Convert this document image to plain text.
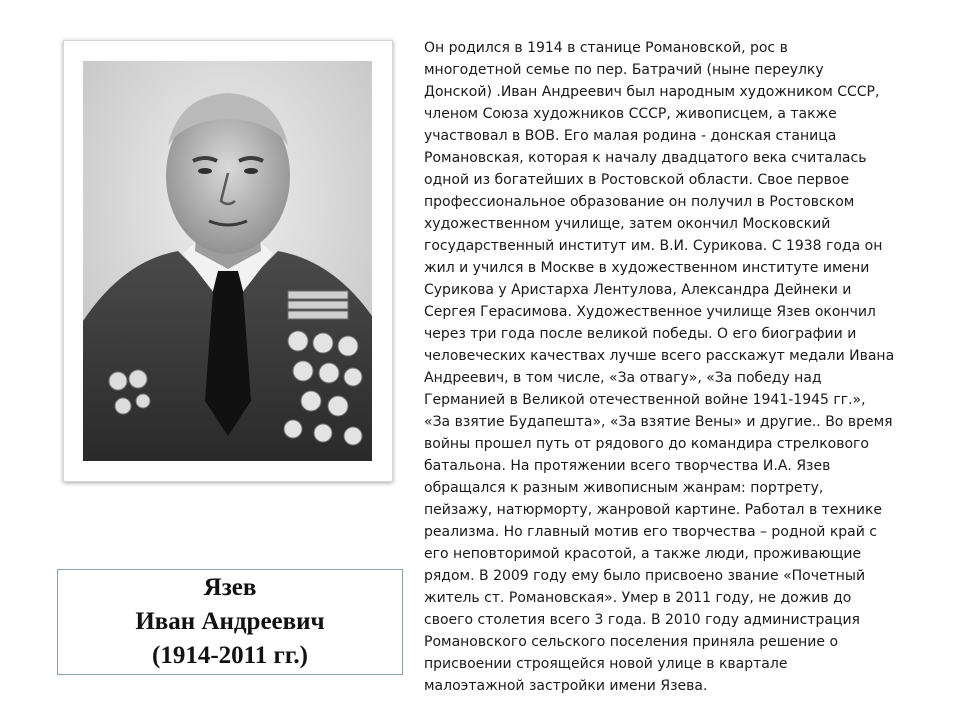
Язев
Иван Андреевич
(1914-2011 гг.)
Он родился в 1914 в станице Романовской, рос в
многодетной семье по пер. Батрачий (ныне переулку
Донской) .Иван Андреевич был народным художником СССР,
членом Союза художников СССР, живописцем, а также
участвовал в ВОВ. Его малая родина - донская станица
Романовская, которая к началу двадцатого века считалась
одной из богатейших в Ростовской области. Свое первое
профессиональное образование он получил в Ростовском
художественном училище, затем окончил Московский
государственный институт им. В.И. Сурикова. С 1938 года он
жил и учился в Москве в художественном институте имени
Сурикова у Аристарха Лентулова, Александра Дейнеки и
Сергея Герасимова. Художественное училище Язев окончил
через три года после великой победы. О его биографии и
человеческих качествах лучше всего расскажут медали Ивана
Андреевич, в том числе, «За отвагу», «За победу над
Германией в Великой отечественной войне 1941-1945 гг.»,
«За взятие Будапешта», «За взятие Вены» и другие.. Во время
войны прошел путь от рядового до командира стрелкового
батальона. На протяжении всего творчества И.А. Язев
обращался к разным живописным жанрам: портрету,
пейзажу, натюрморту, жанровой картине. Работал в технике
реализма. Но главный мотив его творчества – родной край с
его неповторимой красотой, а также люди, проживающие
рядом. В 2009 году ему было присвоено звание «Почетный
житель ст. Романовская». Умер в 2011 году, не дожив до
своего столетия всего 3 года. В 2010 году администрация
Романовского сельского поселения приняла решение о
присвоении строящейся новой улице в квартале
малоэтажной застройки имени Язева.
